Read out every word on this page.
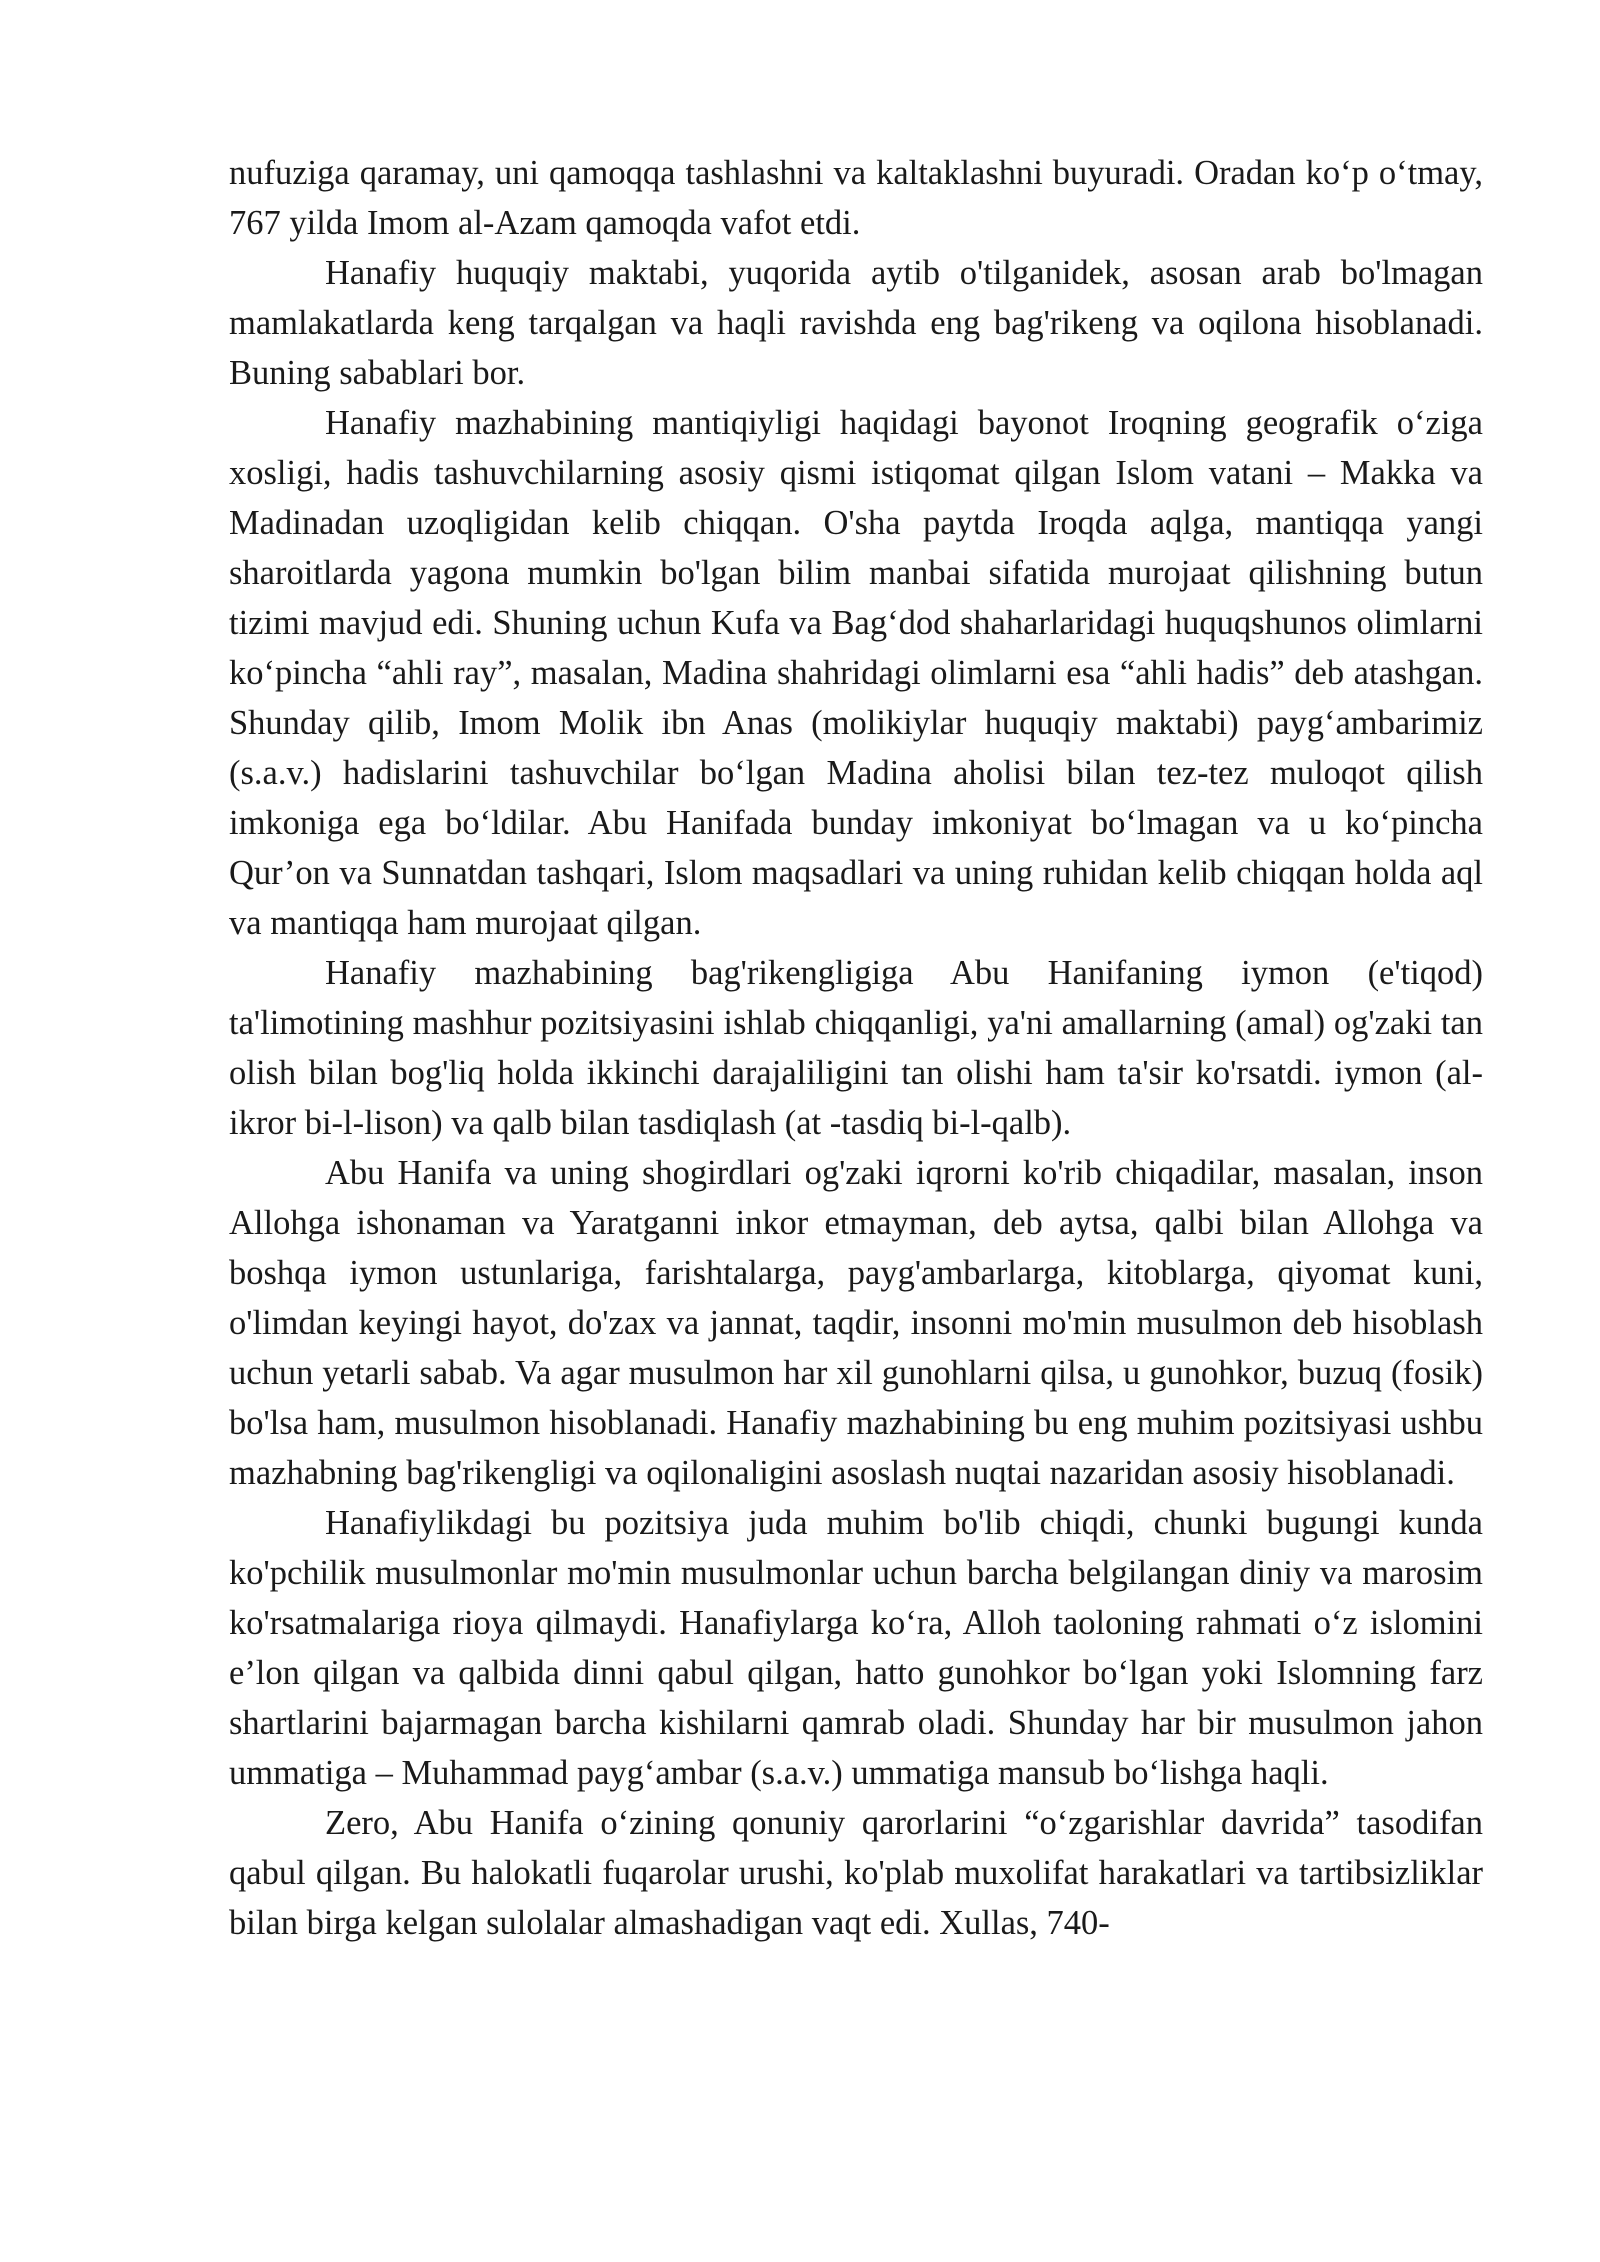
nufuziga qaramay, uni qamoqqa tashlashni va kaltaklashni buyuradi. Oradan ko‘p o‘tmay, 767 yilda Imom al-Azam qamoqda vafot etdi.

Hanafiy huquqiy maktabi, yuqorida aytib o'tilganidek, asosan arab bo'lmagan mamlakatlarda keng tarqalgan va haqli ravishda eng bag'rikeng va oqilona hisoblanadi. Buning sabablari bor.

Hanafiy mazhabining mantiqiyligi haqidagi bayonot Iroqning geografik o‘ziga xosligi, hadis tashuvchilarning asosiy qismi istiqomat qilgan Islom vatani – Makka va Madinadan uzoqligidan kelib chiqqan. O'sha paytda Iroqda aqlga, mantiqqa yangi sharoitlarda yagona mumkin bo'lgan bilim manbai sifatida murojaat qilishning butun tizimi mavjud edi. Shuning uchun Kufa va Bag‘dod shaharlaridagi huquqshunos olimlarni ko‘pincha “ahli ray”, masalan, Madina shahridagi olimlarni esa “ahli hadis” deb atashgan. Shunday qilib, Imom Molik ibn Anas (molikiylar huquqiy maktabi) payg‘ambarimiz (s.a.v.) hadislarini tashuvchilar bo‘lgan Madina aholisi bilan tez-tez muloqot qilish imkoniga ega bo‘ldilar. Abu Hanifada bunday imkoniyat bo‘lmagan va u ko‘pincha Qur’on va Sunnatdan tashqari, Islom maqsadlari va uning ruhidan kelib chiqqan holda aql va mantiqqa ham murojaat qilgan.

Hanafiy mazhabining bag'rikengligiga Abu Hanifaning iymon (e'tiqod) ta'limotining mashhur pozitsiyasini ishlab chiqqanligi, ya'ni amallarning (amal) og'zaki tan olish bilan bog'liq holda ikkinchi darajaliligini tan olishi ham ta'sir ko'rsatdi. iymon (al-ikror bi-l-lison) va qalb bilan tasdiqlash (at -tasdiq bi-l-qalb).

Abu Hanifa va uning shogirdlari og'zaki iqrorni ko'rib chiqadilar, masalan, inson Allohga ishonaman va Yaratganni inkor etmayman, deb aytsa, qalbi bilan Allohga va boshqa iymon ustunlariga, farishtalarga, payg'ambarlarga, kitoblarga, qiyomat kuni, o'limdan keyingi hayot, do'zax va jannat, taqdir, insonni mo'min musulmon deb hisoblash uchun yetarli sabab. Va agar musulmon har xil gunohlarni qilsa, u gunohkor, buzuq (fosik) bo'lsa ham, musulmon hisoblanadi. Hanafiy mazhabining bu eng muhim pozitsiyasi ushbu mazhabning bag'rikengligi va oqilonaligini asoslash nuqtai nazaridan asosiy hisoblanadi.

Hanafiylikdagi bu pozitsiya juda muhim bo'lib chiqdi, chunki bugungi kunda ko'pchilik musulmonlar mo'min musulmonlar uchun barcha belgilangan diniy va marosim ko'rsatmalariga rioya qilmaydi. Hanafiylarga ko‘ra, Alloh taoloning rahmati o‘z islomini e’lon qilgan va qalbida dinni qabul qilgan, hatto gunohkor bo‘lgan yoki Islomning farz shartlarini bajarmagan barcha kishilarni qamrab oladi. Shunday har bir musulmon jahon ummatiga – Muhammad payg‘ambar (s.a.v.) ummatiga mansub bo‘lishga haqli.

Zero, Abu Hanifa o‘zining qonuniy qarorlarini “o‘zgarishlar davrida” tasodifan qabul qilgan. Bu halokatli fuqarolar urushi, ko'plab muxolifat harakatlari va tartibsizliklar bilan birga kelgan sulolalar almashadigan vaqt edi. Xullas, 740-
